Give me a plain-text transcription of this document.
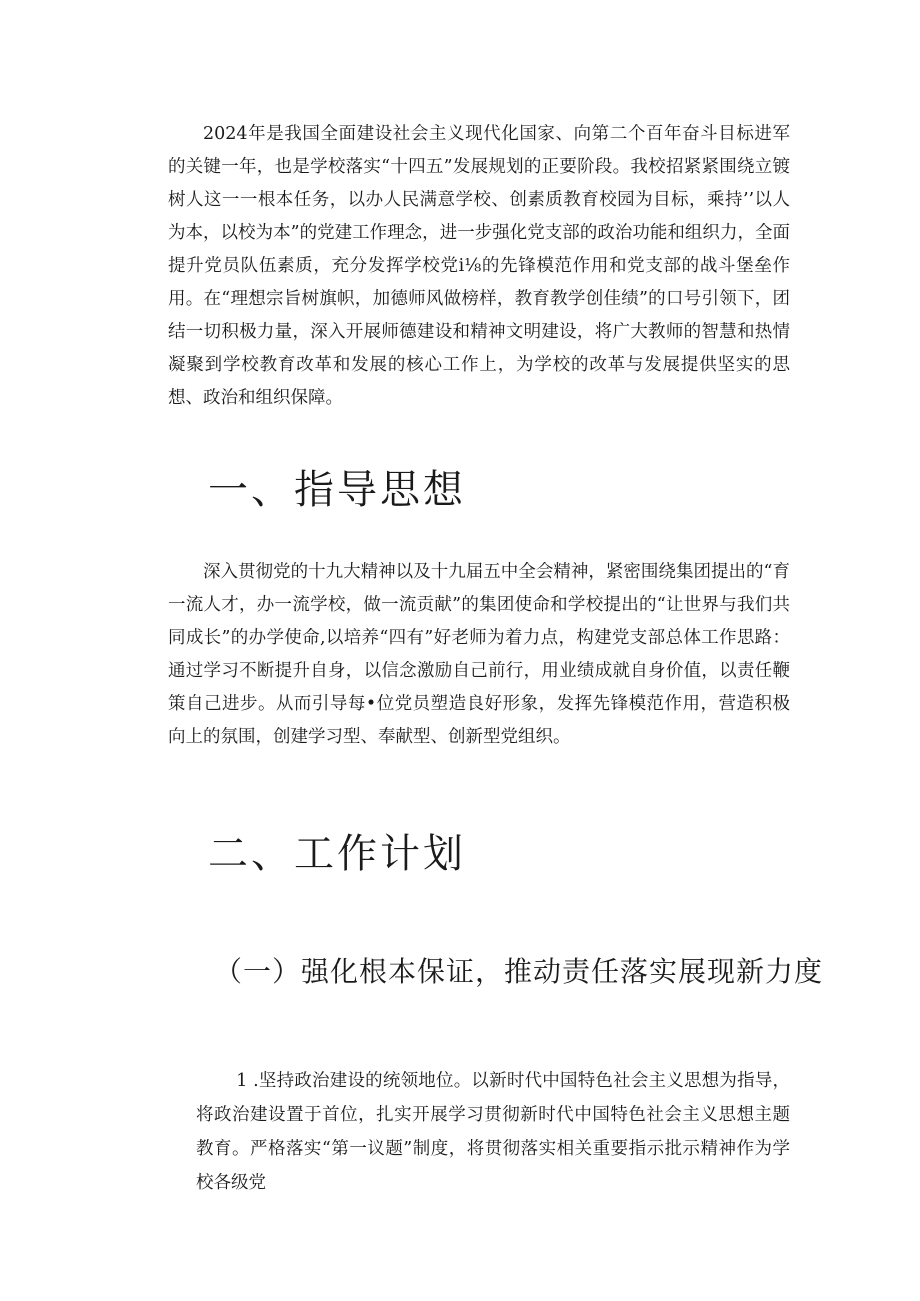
2024年是我国全面建设社会主义现代化国家、向第二个百年奋斗目标进军的关键一年，也是学校落实“十四五”发展规划的正要阶段。我校招紧紧围绕立镀树人这一一根本任务，以办人民满意学校、创素质教育校园为目标，乘持’’以人为本，以校为本”的党建工作理念，进一步强化党支部的政治功能和组织力，全面提升党员队伍素质，充分发挥学校党i⅛的先锋模范作用和党支部的战斗堡垒作用。在“理想宗旨树旗帜，加德师风做榜样，教育教学创佳绩”的口号引领下，团结一切积极力量，深入开展师德建设和精神文明建设，将广大教师的智慧和热情凝聚到学校教育改革和发展的核心工作上，为学校的改革与发展提供坚实的思想、政治和组织保障。

一、指导思想

深入贯彻党的十九大精神以及十九届五中全会精神，紧密围绕集团提出的“育一流人才，办一流学校，做一流贡献”的集团使命和学校提出的“让世界与我们共同成长”的办学使命,以培养“四有”好老师为着力点，构建党支部总体工作思路：通过学习不断提升自身，以信念激励自己前行，用业绩成就自身价值，以责任鞭策自己进步。从而引导每•位党员塑造良好形象，发挥先锋模范作用，营造积极向上的氛围，创建学习型、奉献型、创新型党组织。

二、工作计划
（一）强化根本保证，推动责任落实展现新力度

1 .坚持政治建设的统领地位。以新时代中国特色社会主义思想为指导，将政治建设置于首位，扎实开展学习贯彻新时代中国特色社会主义思想主题教育。严格落实“第一议题”制度，将贯彻落实相关重要指示批示精神作为学校各级党
